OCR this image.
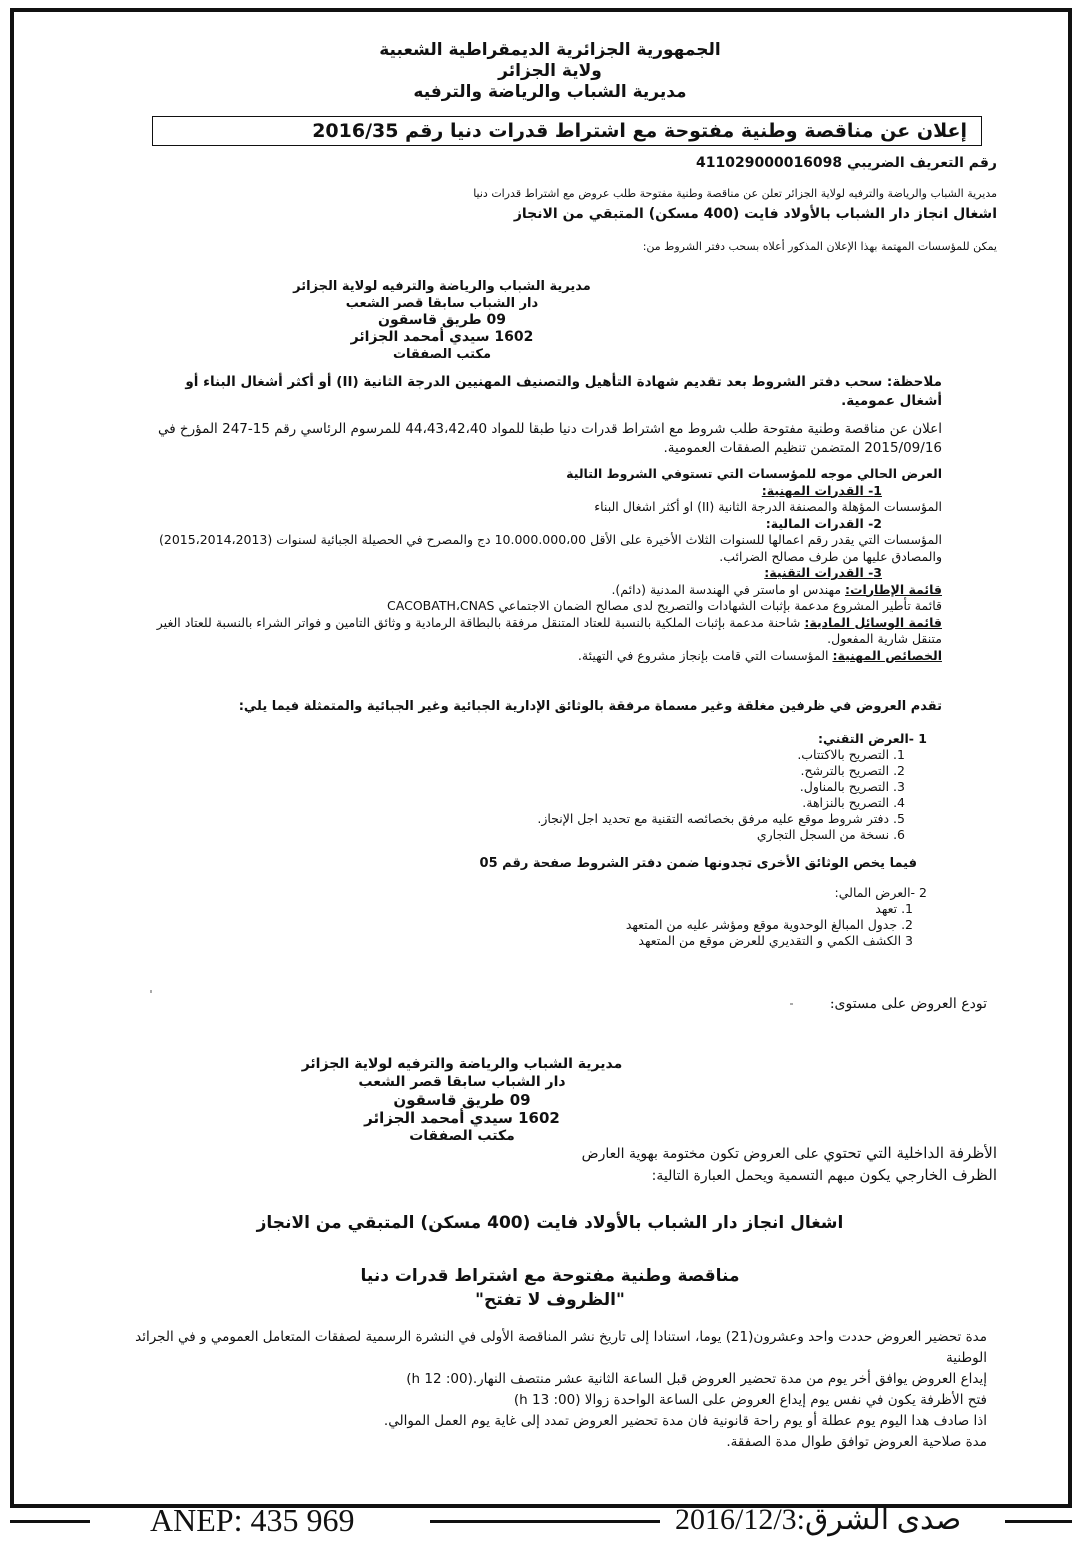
الجمهورية الجزائرية الديمقراطية الشعبية
ولاية الجزائر
مديرية الشباب والرياضة والترفيه
إعلان عن مناقصة وطنية مفتوحة مع اشتراط قدرات دنيا رقم 2016/35
رقم التعريف الضريبي 411029000016098
مديرية الشباب والرياضة والترفيه لولاية الجزائر تعلن عن مناقصة وطنية مفتوحة طلب عروض مع اشتراط قدرات دنيا
اشغال انجاز دار الشباب بالأولاد فايت (400 مسكن) المتبقي من الانجاز
يمكن للمؤسسات المهتمة بهذا الإعلان المذكور أعلاه بسحب دفتر الشروط من:
مديرية الشباب والرياضة والترفيه لولاية الجزائر
دار الشباب سابقا قصر الشعب
09 طريق قاسقون
1602 سيدي أمحمد الجزائر
مكتب الصفقات
ملاحظة: سحب دفتر الشروط بعد تقديم شهادة التأهيل والتصنيف المهنيين الدرجة الثانية (II) أو أكثر أشغال البناء أو أشغال عمومية.
اعلان عن مناقصة وطنية مفتوحة طلب شروط مع اشتراط قدرات دنيا طبقا للمواد 44،43،42،40 للمرسوم الرئاسي رقم 15-247 المؤرخ في 2015/09/16 المتضمن تنظيم الصفقات العمومية.
العرض الحالي موجه للمؤسسات التي تستوفي الشروط التالية
1- القدرات المهنية:
المؤسسات المؤهلة والمصنفة الدرجة الثانية (II) او أكثر اشغال البناء
2- القدرات المالية:
المؤسسات التي يقدر رقم اعمالها للسنوات الثلاث الأخيرة على الأقل 10.000.000،00 دج والمصرح في الحصيلة الجبائية لسنوات (2015،2014،2013) والمصادق عليها من طرف مصالح الضرائب.
3- القدرات التقنية:
قائمة الإطارات: مهندس او ماستر في الهندسة المدنية (دائم).
قائمة تأطير المشروع مدعمة بإثبات الشهادات والتصريح لدى مصالح الضمان الاجتماعي CACOBATH،CNAS
قائمة الوسائل المادية: شاحنة مدعمة بإثبات الملكية بالنسبة للعتاد المتنقل مرفقة بالبطاقة الرمادية و وثائق التامين و فواتر الشراء بالنسبة للعتاد الغير متنقل شارية المفعول.
الخصائص المهنية: المؤسسات التي قامت بإنجاز مشروع في التهيئة.
تقدم العروض في ظرفين مغلقة وغير مسماة مرفقة بالوثائق الإدارية الجبائية وغير الجبائية والمتمثلة فيما يلي:
1 -العرض التقني:
1. التصريح بالاكتتاب.
2. التصريح بالترشح.
3. التصريح بالمناول.
4. التصريح بالنزاهة.
5. دفتر شروط موقع عليه مرفق بخصائصه التقنية مع تحديد اجل الإنجاز.
6. نسخة من السجل التجاري
فيما يخص الوثائق الأخرى تجدونها ضمن دفتر الشروط صفحة رقم 05
2 -العرض المالي:
1. تعهد
2. جدول المبالغ الوحدوية موقع ومؤشر عليه من المتعهد
3 الكشف الكمي و التقديري للعرض موقع من المتعهد
تودع العروض على مستوى:
مديرية الشباب والرياضة والترفيه لولاية الجزائر
دار الشباب سابقا قصر الشعب
09 طريق قاسقون
1602 سيدي أمحمد الجزائر
مكتب الصفقات
الأظرفة الداخلية التي تحتوي على العروض تكون مختومة بهوية العارض
الظرف الخارجي يكون مبهم التسمية ويحمل العبارة التالية:
اشغال انجاز دار الشباب بالأولاد فايت (400 مسكن) المتبقي من الانجاز
مناقصة وطنية مفتوحة مع اشتراط قدرات دنيا
"الظروف لا تفتح"
مدة تحضير العروض حددت واحد وعشرون(21) يوما، استنادا إلى تاريخ نشر المناقصة الأولى في النشرة الرسمية لصفقات المتعامل العمومي و في الجرائد الوطنية
إيداع العروض يوافق أخر يوم من مدة تحضير العروض قبل الساعة الثانية عشر منتصف النهار.(00: 12 h)
فتح الأظرفة يكون في نفس يوم إيداع العروض على الساعة الواحدة زوالا (00: 13 h)
اذا صادف هدا اليوم يوم عطلة أو يوم راحة قانونية فان مدة تحضير العروض تمدد إلى غاية يوم العمل الموالي.
مدة صلاحية العروض توافق طوال مدة الصفقة.
ANEP: 435 969	صدى الشرق:2016/12/3
